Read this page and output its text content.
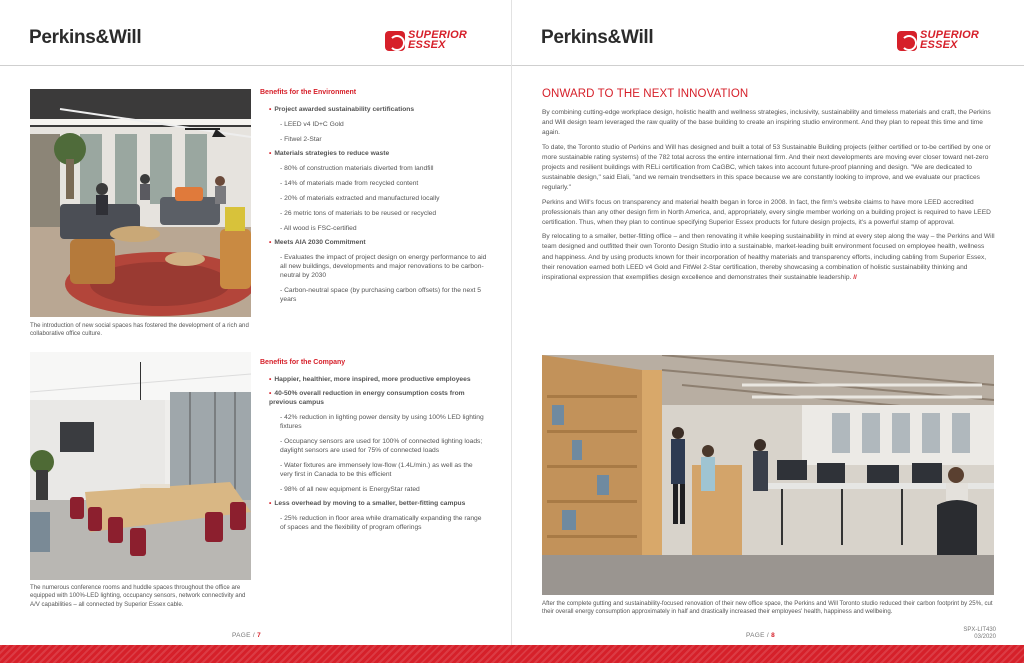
Perkins&Will	SUPERIOR
ESSEX
The introduction of new social spaces has fostered the development of a rich and collaborative office culture.
The numerous conference rooms and huddle spaces throughout the office are equipped with 100%-LED lighting, occupancy sensors, network connectivity and A/V capabilities – all connected by Superior Essex cable.
Benefits for the Environment
• Project awarded sustainability certifications
- LEED v4 ID+C Gold
- Fitwel 2-Star
• Materials strategies to reduce waste
- 80% of construction materials diverted from landfill
- 14% of materials made from recycled content
- 20% of materials extracted and manufactured locally
- 26 metric tons of materials to be reused or recycled
- All wood is FSC-certified
• Meets AIA 2030 Commitment
- Evaluates the impact of project design on energy performance to aid all new buildings, developments and major renovations to be carbon-neutral by 2030
- Carbon-neutral space (by purchasing carbon offsets) for the next 5 years
Benefits for the Company
• Happier, healthier, more inspired, more productive employees
• 40-50% overall reduction in energy consumption costs from previous campus
- 42% reduction in lighting power density by using 100% LED lighting fixtures
- Occupancy sensors are used for 100% of connected lighting loads; daylight sensors are used for 75% of connected loads
- Water fixtures are immensely low-flow (1.4L/min.) as well as the very first in Canada to be this efficient
- 98% of all new equipment is EnergyStar rated
• Less overhead by moving to a smaller, better-fitting campus
- 25% reduction in floor area while dramatically expanding the range of spaces and the flexibility of program offerings
PAGE / 7
Perkins&Will	SUPERIOR
ESSEX
ONWARD TO THE NEXT INNOVATION

By combining cutting-edge workplace design, holistic health and wellness strategies, inclusivity, sustainability and timeless materials and craft, the Perkins and Will design team leveraged the raw quality of the base building to create an inspiring studio environment. And they plan to repeat this time and time again.

To date, the Toronto studio of Perkins and Will has designed and built a total of 53 Sustainable Building projects (either certified or to-be certified by one or more sustainable rating systems) of the 782 total across the entire international firm. And their next developments are moving ever closer toward net-zero projects and resilient buildings with RELi certification from CaGBC, which takes into account future-proof planning and design. "We are dedicated to sustainable design," said Elali, "and we remain trendsetters in this space because we are constantly looking to improve, and we evaluate our practices regularly."

Perkins and Will's focus on transparency and material health began in force in 2008. In fact, the firm's website claims to have more LEED accredited professionals than any other design firm in North America, and, appropriately, every single member working on a building project is required to have LEED certification. Thus, when they plan to continue specifying Superior Essex products for future design projects, it's a powerful stamp of approval.

By relocating to a smaller, better-fitting office – and then renovating it while keeping sustainability in mind at every step along the way – the Perkins and Will team designed and outfitted their own Toronto Design Studio into a sustainable, market-leading built environment focused on employee health, wellness and happiness. And by using products known for their incorporation of healthy materials and transparency efforts, including cabling from Superior Essex, their renovation earned both LEED v4 Gold and FitWel 2-Star certification, thereby showcasing a combination of holistic sustainability thinking and inspirational expression that exemplifies design excellence and demonstrates their sustainable leadership. //

After the complete gutting and sustainability-focused renovation of their new office space, the Perkins and Will Toronto studio reduced their carbon footprint by 25%, cut their overall energy consumption approximately in half and drastically increased their employees' health, happiness and wellbeing.
PAGE / 8
SPX-LIT430
03/2020
